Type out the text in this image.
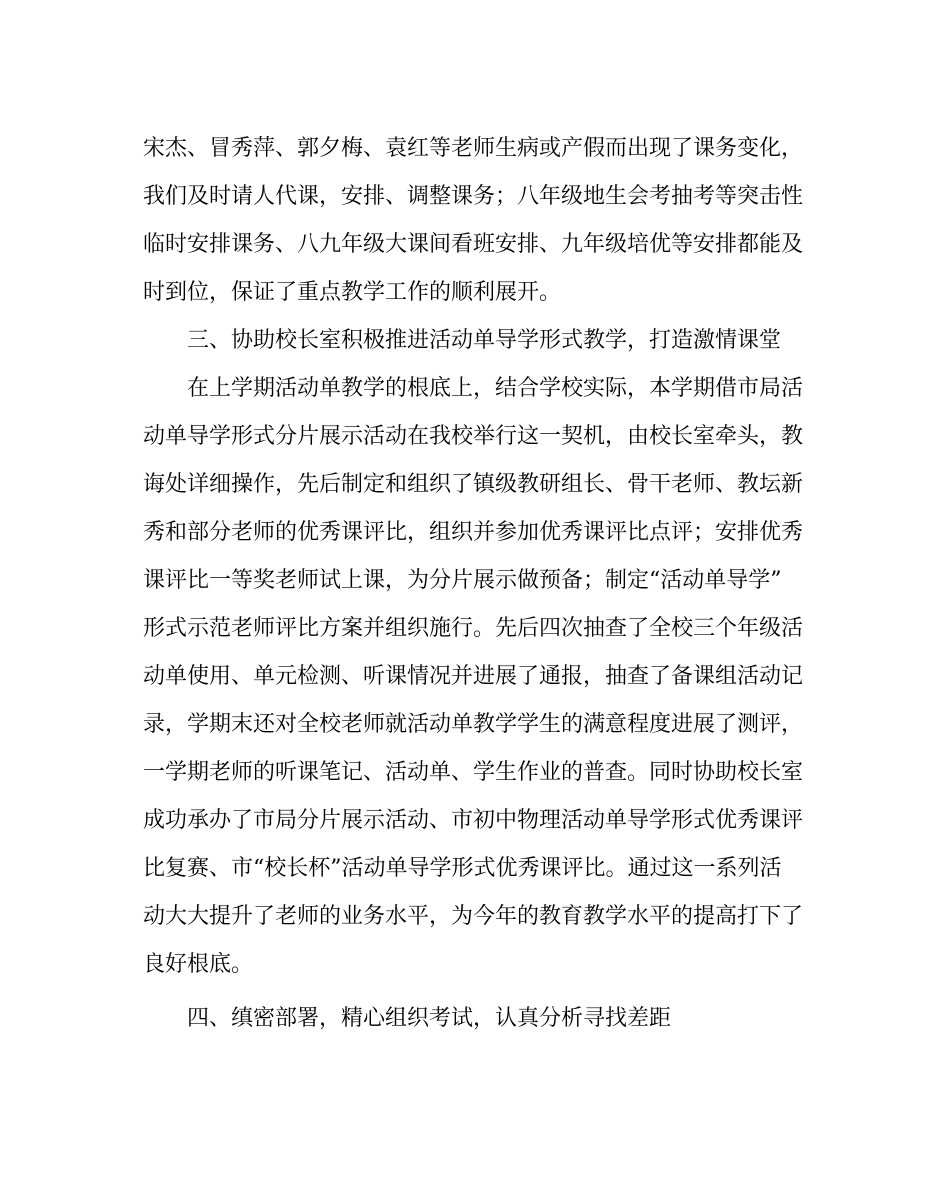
宋杰、冒秀萍、郭夕梅、袁红等老师生病或产假而出现了课务变化，
我们及时请人代课，安排、调整课务；八年级地生会考抽考等突击性
临时安排课务、八九年级大课间看班安排、九年级培优等安排都能及
时到位，保证了重点教学工作的顺利展开。
三、协助校长室积极推进活动单导学形式教学，打造激情课堂
在上学期活动单教学的根底上，结合学校实际，本学期借市局活
动单导学形式分片展示活动在我校举行这一契机，由校长室牵头，教
诲处详细操作，先后制定和组织了镇级教研组长、骨干老师、教坛新
秀和部分老师的优秀课评比，组织并参加优秀课评比点评；安排优秀
课评比一等奖老师试上课，为分片展示做预备；制定“活动单导学”
形式示范老师评比方案并组织施行。先后四次抽查了全校三个年级活
动单使用、单元检测、听课情况并进展了通报，抽查了备课组活动记
录，学期末还对全校老师就活动单教学学生的满意程度进展了测评，
一学期老师的听课笔记、活动单、学生作业的普查。同时协助校长室
成功承办了市局分片展示活动、市初中物理活动单导学形式优秀课评
比复赛、市“校长杯”活动单导学形式优秀课评比。通过这一系列活
动大大提升了老师的业务水平，为今年的教育教学水平的提高打下了
良好根底。
四、缜密部署，精心组织考试，认真分析寻找差距
